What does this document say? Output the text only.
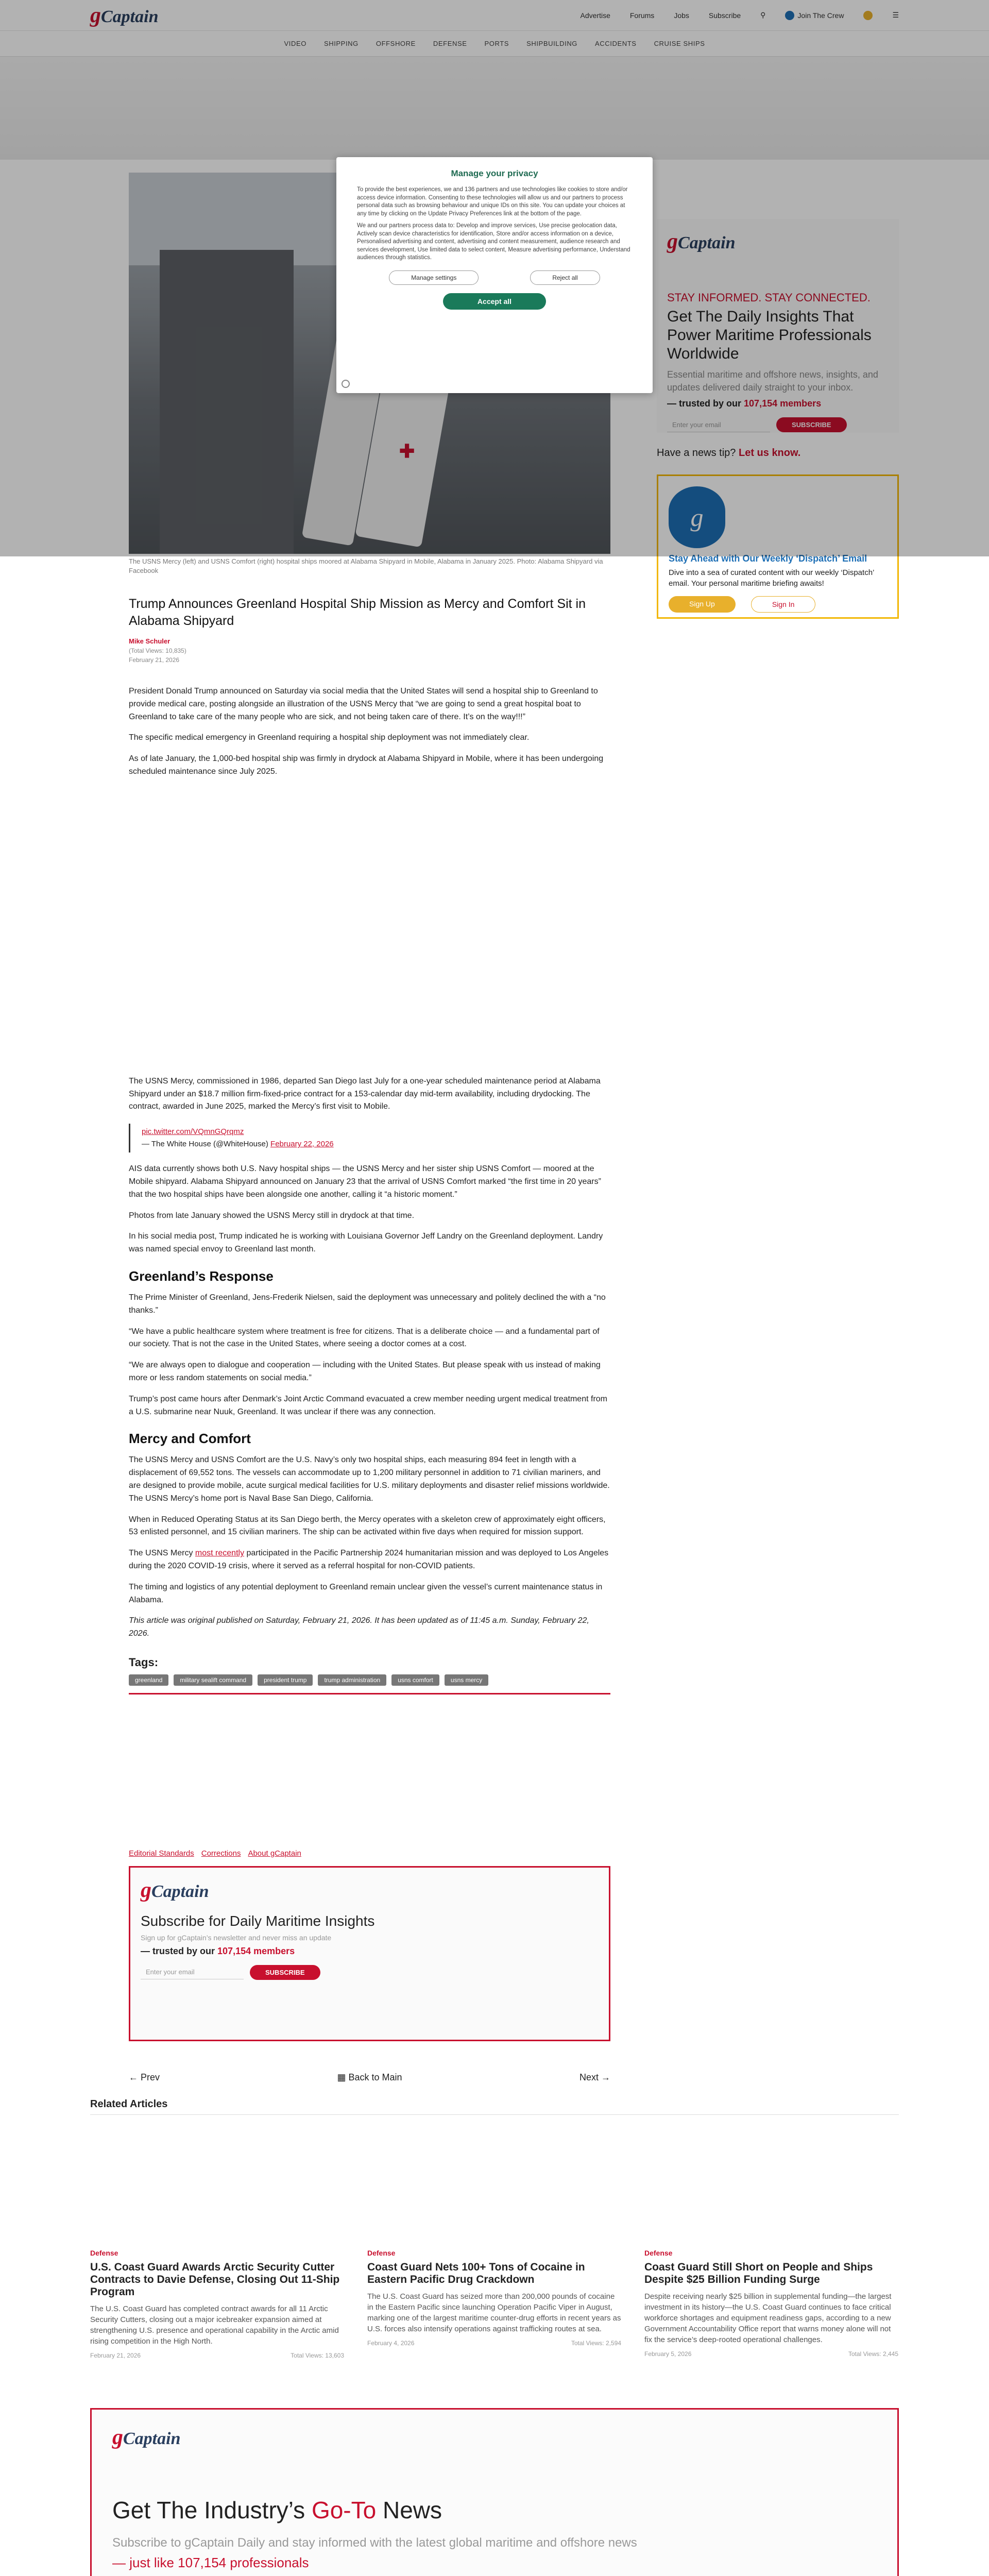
gCaptain	Advertise	Forums	Jobs	Subscribe	⚲	Join The Crew	☰
VIDEO	SHIPPING	OFFSHORE	DEFENSE	PORTS	SHIPBUILDING	ACCIDENTS	CRUISE SHIPS
Manage your privacy

To provide the best experiences, we and 136 partners and use technologies like cookies to store and/or access device information. Consenting to these technologies will allow us and our partners to process personal data such as browsing behaviour and unique IDs on this site. You can update your choices at any time by clicking on the Update Privacy Preferences link at the bottom of the page.

We and our partners process data to: Develop and improve services, Use precise geolocation data, Actively scan device characteristics for identification, Store and/or access information on a device, Personalised advertising and content, advertising and content measurement, audience research and services development, Use limited data to select content, Measure advertising performance, Understand audiences through statistics.

Manage settings	Reject all
Accept all
✚
The USNS Mercy (left) and USNS Comfort (right) hospital ships moored at Alabama Shipyard in Mobile, Alabama in January 2025. Photo: Alabama Shipyard via Facebook
Trump Announces Greenland Hospital Ship Mission as Mercy and Comfort Sit in Alabama Shipyard
Mike Schuler
(Total Views: 10,835)
February 21, 2026

President Donald Trump announced on Saturday via social media that the United States will send a hospital ship to Greenland to provide medical care, posting alongside an illustration of the USNS Mercy that “we are going to send a great hospital boat to Greenland to take care of the many people who are sick, and not being taken care of there. It’s on the way!!!”

The specific medical emergency in Greenland requiring a hospital ship deployment was not immediately clear.

As of late January, the 1,000-bed hospital ship was firmly in drydock at Alabama Shipyard in Mobile, where it has been undergoing scheduled maintenance since July 2025.

The USNS Mercy, commissioned in 1986, departed San Diego last July for a one-year scheduled maintenance period at Alabama Shipyard under an $18.7 million firm-fixed-price contract for a 153-calendar day mid-term availability, including drydocking. The contract, awarded in June 2025, marked the Mercy’s first visit to Mobile.

pic.twitter.com/VQmnGQrqmz
— The White House (@WhiteHouse) February 22, 2026

AIS data currently shows both U.S. Navy hospital ships — the USNS Mercy and her sister ship USNS Comfort — moored at the Mobile shipyard. Alabama Shipyard announced on January 23 that the arrival of USNS Comfort marked “the first time in 20 years” that the two hospital ships have been alongside one another, calling it “a historic moment.”

Photos from late January showed the USNS Mercy still in drydock at that time.

In his social media post, Trump indicated he is working with Louisiana Governor Jeff Landry on the Greenland deployment. Landry was named special envoy to Greenland last month.

Greenland’s Response

The Prime Minister of Greenland, Jens-Frederik Nielsen, said the deployment was unnecessary and politely declined the with a “no thanks.”

“We have a public healthcare system where treatment is free for citizens. That is a deliberate choice — and a fundamental part of our society. That is not the case in the United States, where seeing a doctor comes at a cost.

“We are always open to dialogue and cooperation — including with the United States. But please speak with us instead of making more or less random statements on social media.”

Trump’s post came hours after Denmark’s Joint Arctic Command evacuated a crew member needing urgent medical treatment from a U.S. submarine near Nuuk, Greenland. It was unclear if there was any connection.

Mercy and Comfort

The USNS Mercy and USNS Comfort are the U.S. Navy’s only two hospital ships, each measuring 894 feet in length with a displacement of 69,552 tons. The vessels can accommodate up to 1,200 military personnel in addition to 71 civilian mariners, and are designed to provide mobile, acute surgical medical facilities for U.S. military deployments and disaster relief missions worldwide. The USNS Mercy’s home port is Naval Base San Diego, California.

When in Reduced Operating Status at its San Diego berth, the Mercy operates with a skeleton crew of approximately eight officers, 53 enlisted personnel, and 15 civilian mariners. The ship can be activated within five days when required for mission support.

The USNS Mercy most recently participated in the Pacific Partnership 2024 humanitarian mission and was deployed to Los Angeles during the 2020 COVID-19 crisis, where it served as a referral hospital for non-COVID patients.

The timing and logistics of any potential deployment to Greenland remain unclear given the vessel’s current maintenance status in Alabama.

This article was original published on Saturday, February 21, 2026. It has been updated as of 11:45 a.m. Sunday, February 22, 2026.

Tags:
greenland	military sealift command	president trump	trump administration	usns comfort	usns mercy
Editorial Standards Corrections About gCaptain
gCaptain
Subscribe for Daily Maritime Insights
Sign up for gCaptain’s newsletter and never miss an update
— trusted by our 107,154 members
Enter your email	SUBSCRIBE
← Prev	▦ Back to Main	Next →
gCaptain
STAY INFORMED. STAY CONNECTED.
Get The Daily Insights That Power Maritime Professionals Worldwide
Essential maritime and offshore news, insights, and updates delivered daily straight to your inbox.
— trusted by our 107,154 members
Enter your email	SUBSCRIBE
Have a news tip? Let us know.
g
Stay Ahead with Our Weekly ‘Dispatch’ Email

Dive into a sea of curated content with our weekly ‘Dispatch’ email. Your personal maritime briefing awaits!

Sign Up	Sign In
Related Articles
Defense
U.S. Coast Guard Awards Arctic Security Cutter Contracts to Davie Defense, Closing Out 11-Ship Program
The U.S. Coast Guard has completed contract awards for all 11 Arctic Security Cutters, closing out a major icebreaker expansion aimed at strengthening U.S. presence and operational capability in the Arctic amid rising competition in the High North.
February 21, 2026	Total Views: 13,603
Defense
Coast Guard Nets 100+ Tons of Cocaine in Eastern Pacific Drug Crackdown
The U.S. Coast Guard has seized more than 200,000 pounds of cocaine in the Eastern Pacific since launching Operation Pacific Viper in August, marking one of the largest maritime counter-drug efforts in recent years as U.S. forces also intensify operations against trafficking routes at sea.
February 4, 2026	Total Views: 2,594
Defense
Coast Guard Still Short on People and Ships Despite $25 Billion Funding Surge
Despite receiving nearly $25 billion in supplemental funding—the largest investment in its history—the U.S. Coast Guard continues to face critical workforce shortages and equipment readiness gaps, according to a new Government Accountability Office report that warns money alone will not fix the service’s deep-rooted operational challenges.
February 5, 2026	Total Views: 2,445
gCaptain
Get The Industry’s Go-To News
Subscribe to gCaptain Daily and stay informed with the latest global maritime and offshore news
— just like 107,154 professionals
